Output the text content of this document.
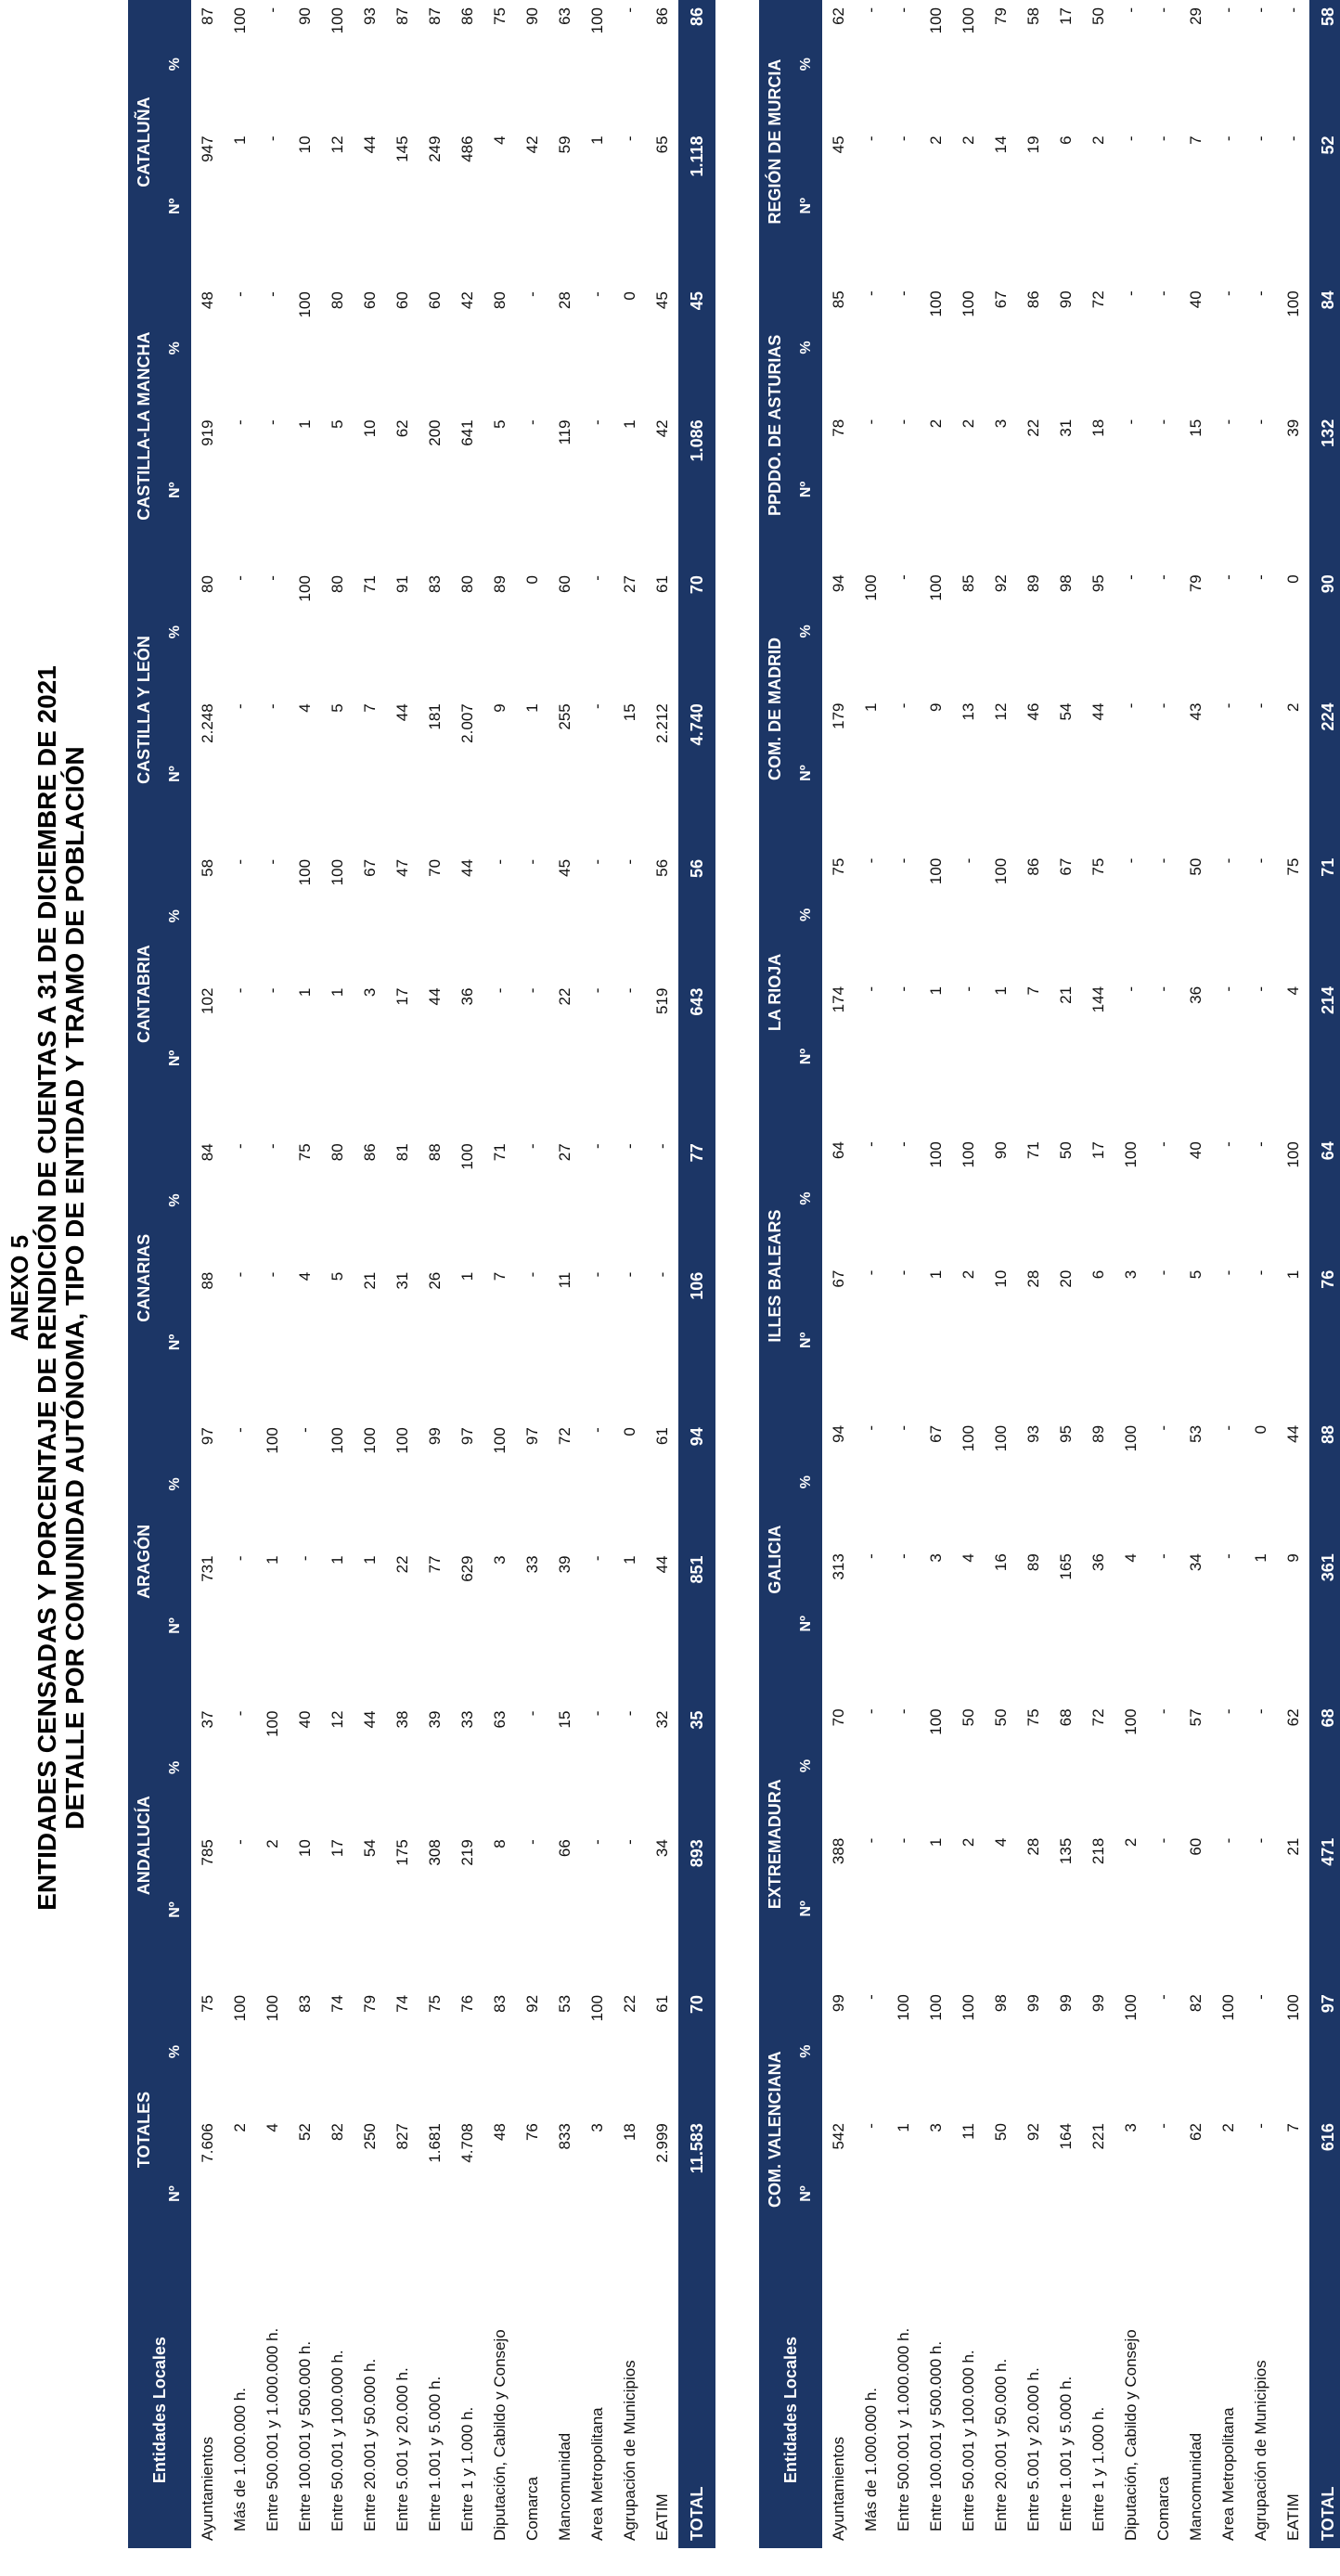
ANEXO 5 ENTIDADES CENSADAS Y PORCENTAJE DE RENDICIÓN DE CUENTAS A 31 DE DICIEMBRE DE 2021 DETALLE POR COMUNIDAD AUTÓNOMA, TIPO DE ENTIDAD Y TRAMO DE POBLACIÓN
Entidades Locales	TOTALES		ANDALUCÍA		ARAGÓN		CANARIAS		CANTABRIA		CASTILLA Y LEÓN		CASTILLA-LA MANCHA		CATALUÑA	
	Nº	%	Nº	%	Nº	%	Nº	%	Nº	%	Nº	%	Nº	%	Nº	%
Ayuntamientos	7.606	75	785	37	731	97	88	84	102	58	2.248	80	919	48	947	87
Más de 1.000.000 h.	2	100	-	-	-	-	-	-	-	-	-	-	-	-	1	100
Entre 500.001 y 1.000.000 h.	4	100	2	100	1	100	-	-	-	-	-	-	-	-	-	-
Entre 100.001 y 500.000 h.	52	83	10	40	-	-	4	75	1	100	4	100	1	100	10	90
Entre 50.001 y 100.000 h.	82	74	17	12	1	100	5	80	1	100	5	80	5	80	12	100
Entre 20.001 y 50.000 h.	250	79	54	44	1	100	21	86	3	67	7	71	10	60	44	93
Entre 5.001 y 20.000 h.	827	74	175	38	22	100	31	81	17	47	44	91	62	60	145	87
Entre 1.001 y 5.000 h.	1.681	75	308	39	77	99	26	88	44	70	181	83	200	60	249	87
Entre 1 y 1.000 h.	4.708	76	219	33	629	97	1	100	36	44	2.007	80	641	42	486	86
Diputación, Cabildo y Consejo	48	83	8	63	3	100	7	71	-	-	9	89	5	80	4	75
Comarca	76	92	-	-	33	97	-	-	-	-	1	0	-	-	42	90
Mancomunidad	833	53	66	15	39	72	11	27	22	45	255	60	119	28	59	63
Area Metropolitana	3	100	-	-	-	-	-	-	-	-	-	-	-	-	1	100
Agrupación de Municipios	18	22	-	-	1	0	-	-	-	-	15	27	1	0	-	-
EATIM	2.999	61	34	32	44	61	-	-	519	56	2.212	61	42	45	65	86
TOTAL	11.583	70	893	35	851	94	106	77	643	56	4.740	70	1.086	45	1.118	86
Entidades Locales	COM. VALENCIANA		EXTREMADURA		GALICIA		ILLES BALEARS		LA RIOJA		COM. DE MADRID		PPDDO. DE ASTURIAS		REGIÓN DE MURCIA	
	Nº	%	Nº	%	Nº	%	Nº	%	Nº	%	Nº	%	Nº	%	Nº	%
Ayuntamientos	542	99	388	70	313	94	67	64	174	75	179	94	78	85	45	62
Más de 1.000.000 h.	-	-	-	-	-	-	-	-	-	-	1	100	-	-	-	-
Entre 500.001 y 1.000.000 h.	1	100	-	-	-	-	-	-	-	-	-	-	-	-	-	-
Entre 100.001 y 500.000 h.	3	100	1	100	3	67	1	100	1	100	9	100	2	100	2	100
Entre 50.001 y 100.000 h.	11	100	2	50	4	100	2	100	-	-	13	85	2	100	2	100
Entre 20.001 y 50.000 h.	50	98	4	50	16	100	10	90	1	100	12	92	3	67	14	79
Entre 5.001 y 20.000 h.	92	99	28	75	89	93	28	71	7	86	46	89	22	86	19	58
Entre 1.001 y 5.000 h.	164	99	135	68	165	95	20	50	21	67	54	98	31	90	6	17
Entre 1 y 1.000 h.	221	99	218	72	36	89	6	17	144	75	44	95	18	72	2	50
Diputación, Cabildo y Consejo	3	100	2	100	4	100	3	100	-	-	-	-	-	-	-	-
Comarca	-	-	-	-	-	-	-	-	-	-	-	-	-	-	-	-
Mancomunidad	62	82	60	57	34	53	5	40	36	50	43	79	15	40	7	29
Area Metropolitana	2	100	-	-	-	-	-	-	-	-	-	-	-	-	-	-
Agrupación de Municipios	-	-	-	-	1	0	-	-	-	-	-	-	-	-	-	-
EATIM	7	100	21	62	9	44	1	100	4	75	2	0	39	100	-	-
TOTAL	616	97	471	68	361	88	76	64	214	71	224	90	132	84	52	58
